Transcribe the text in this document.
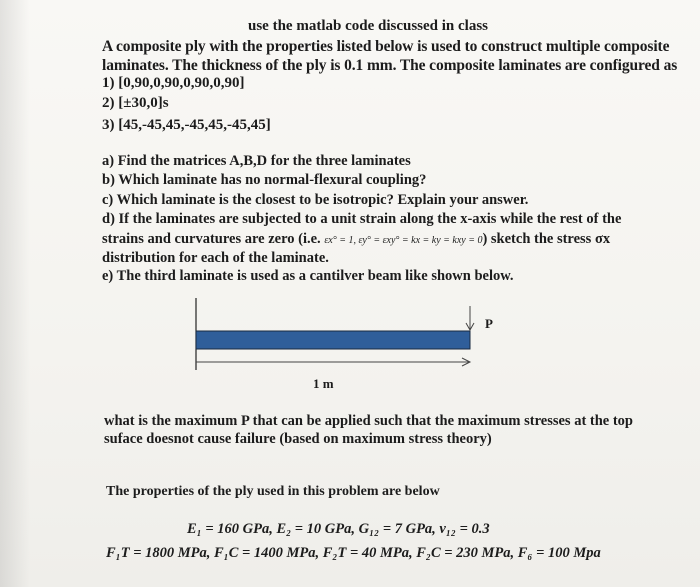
use the matlab code discussed in class
A composite ply with the properties listed below is used to construct multiple composite
laminates. The thickness of the ply is 0.1 mm. The composite laminates are configured as
1) [0,90,0,90,0,90,0,90]
2) [±30,0]s
3) [45,-45,45,-45,45,-45,45]
a) Find the matrices A,B,D for the three laminates
b) Which laminate has no normal-flexural coupling?
c) Which laminate is the closest to be isotropic? Explain your answer.
d) If the laminates are subjected to a unit strain along the x-axis while the rest of the
strains and curvatures are zero (i.e. εx° = 1, εy° = εxy° = kx = ky = kxy = 0) sketch the stress σx
distribution for each of the laminate.
e) The third laminate is used as a cantilver beam like shown below.
P
1 m
what is the maximum P that can be applied such that the maximum stresses at the top
suface doesnot cause failure (based on maximum stress theory)
The properties of the ply used in this problem are below
E₁ = 160 GPa, E₂ = 10 GPa, G₁₂ = 7 GPa, ν₁₂ = 0.3
F₁T = 1800 MPa, F₁C = 1400 MPa, F₂T = 40 MPa, F₂C = 230 MPa, F₆ = 100 Mpa
